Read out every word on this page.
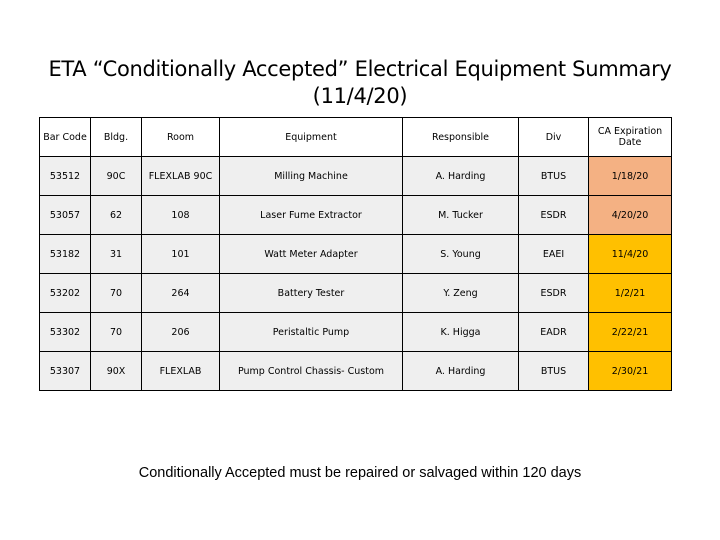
ETA “Conditionally Accepted” Electrical Equipment Summary
(11/4/20)
Bar Code	Bldg.	Room	Equipment	Responsible	Div	CA Expiration Date
53512	90C	FLEXLAB 90C	Milling Machine	A. Harding	BTUS	1/18/20
53057	62	108	Laser Fume Extractor	M. Tucker	ESDR	4/20/20
53182	31	101	Watt Meter Adapter	S. Young	EAEI	11/4/20
53202	70	264	Battery Tester	Y. Zeng	ESDR	1/2/21
53302	70	206	Peristaltic Pump	K. Higga	EADR	2/22/21
53307	90X	FLEXLAB	Pump Control Chassis- Custom	A. Harding	BTUS	2/30/21
Conditionally Accepted must be repaired or salvaged within 120 days
